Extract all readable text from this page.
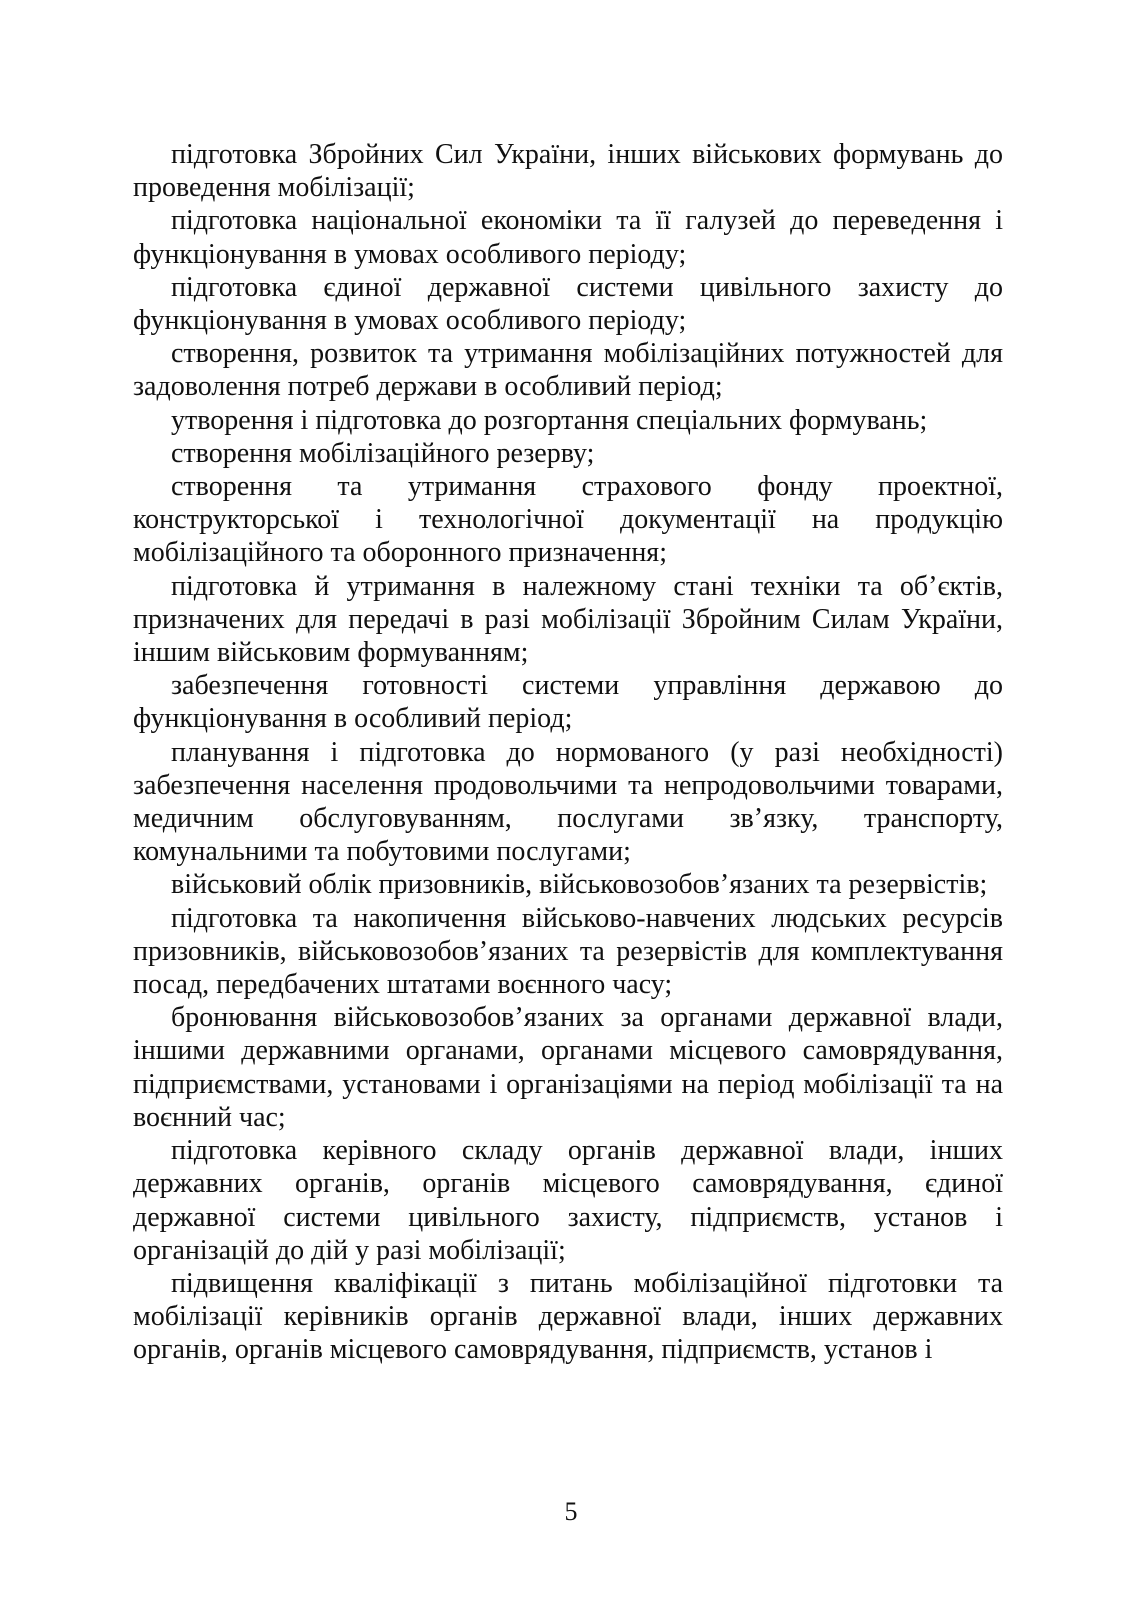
підготовка Збройних Сил України, інших військових формувань до проведення мобілізації;

підготовка національної економіки та її галузей до переведення і функціонування в умовах особливого періоду;

підготовка єдиної державної системи цивільного захисту до функціонування в умовах особливого періоду;

створення, розвиток та утримання мобілізаційних потужностей для задоволення потреб держави в особливий період;

утворення і підготовка до розгортання спеціальних формувань;

створення мобілізаційного резерву;

створення та утримання страхового фонду проектної, конструкторської і технологічної документації на продукцію мобілізаційного та оборонного призначення;

підготовка й утримання в належному стані техніки та об’єктів, призначених для передачі в разі мобілізації Збройним Силам України, іншим військовим формуванням;

забезпечення готовності системи управління державою до функціонування в особливий період;

планування і підготовка до нормованого (у разі необхідності) забезпечення населення продовольчими та непродовольчими товарами, медичним обслуговуванням, послугами зв’язку, транспорту, комунальними та побутовими послугами;

військовий облік призовників, військовозобов’язаних та резервістів;

підготовка та накопичення військово-навчених людських ресурсів призовників, військовозобов’язаних та резервістів для комплектування посад, передбачених штатами воєнного часу;

бронювання військовозобов’язаних за органами державної влади, іншими державними органами, органами місцевого самоврядування, підприємствами, установами і організаціями на період мобілізації та на воєнний час;

підготовка керівного складу органів державної влади, інших державних органів, органів місцевого самоврядування, єдиної державної системи цивільного захисту, підприємств, установ і організацій до дій у разі мобілізації;

підвищення кваліфікації з питань мобілізаційної підготовки та мобілізації керівників органів державної влади, інших державних органів, органів місцевого самоврядування, підприємств, установ і

5
